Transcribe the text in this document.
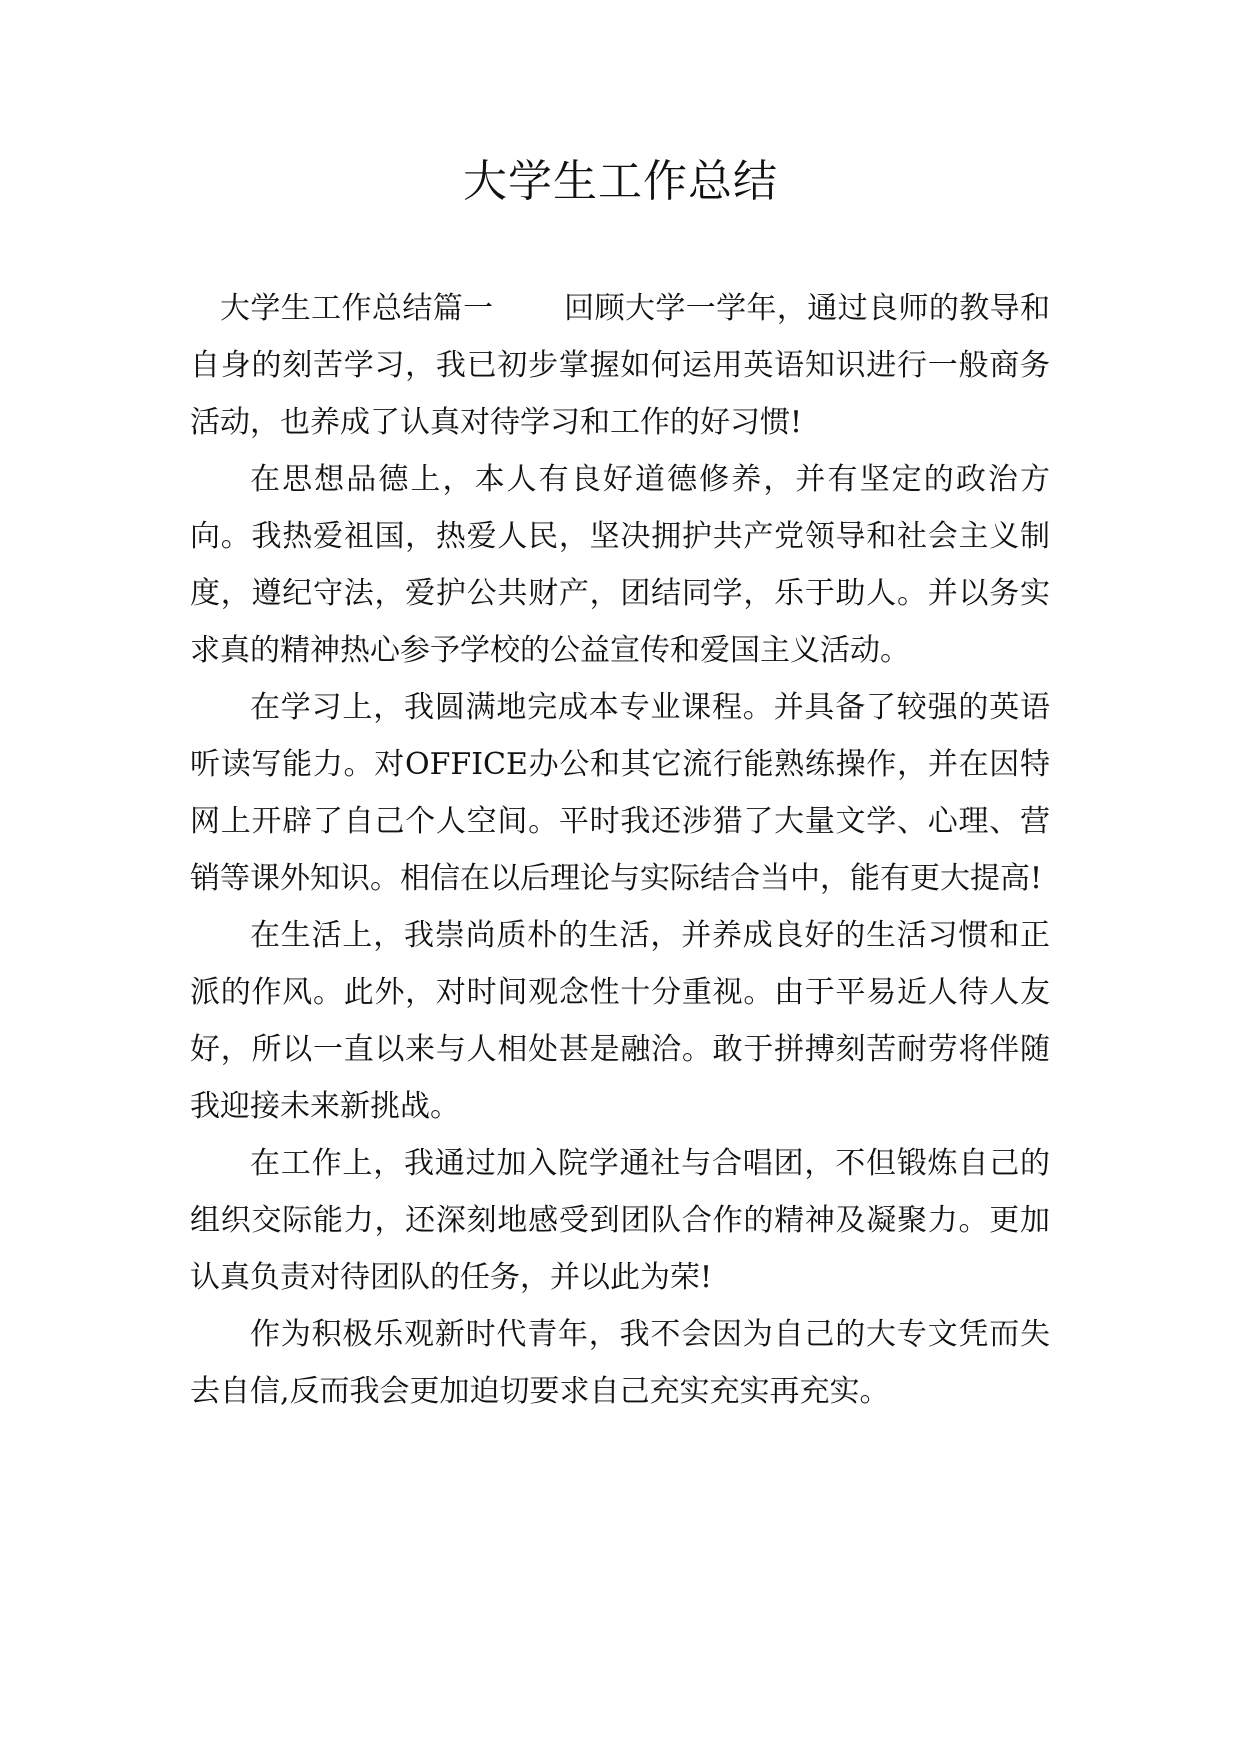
大学生工作总结

大学生工作总结篇一　　 回顾大学一学年，通过良师的教导和自身的刻苦学习，我已初步掌握如何运用英语知识进行一般商务活动，也养成了认真对待学习和工作的好习惯!

在思想品德上，本人有良好道德修养，并有坚定的政治方向。我热爱祖国，热爱人民，坚决拥护共产党领导和社会主义制度，遵纪守法，爱护公共财产，团结同学，乐于助人。并以务实求真的精神热心参予学校的公益宣传和爱国主义活动。

在学习上，我圆满地完成本专业课程。并具备了较强的英语听读写能力。对OFFICE办公和其它流行能熟练操作，并在因特网上开辟了自己个人空间。平时我还涉猎了大量文学、心理、营销等课外知识。相信在以后理论与实际结合当中，能有更大提高!

在生活上，我崇尚质朴的生活，并养成良好的生活习惯和正派的作风。此外，对时间观念性十分重视。由于平易近人待人友好，所以一直以来与人相处甚是融洽。敢于拼搏刻苦耐劳将伴随我迎接未来新挑战。

在工作上，我通过加入院学通社与合唱团，不但锻炼自己的组织交际能力，还深刻地感受到团队合作的精神及凝聚力。更加认真负责对待团队的任务，并以此为荣!

作为积极乐观新时代青年，我不会因为自己的大专文凭而失去自信,反而我会更加迫切要求自己充实充实再充实。
